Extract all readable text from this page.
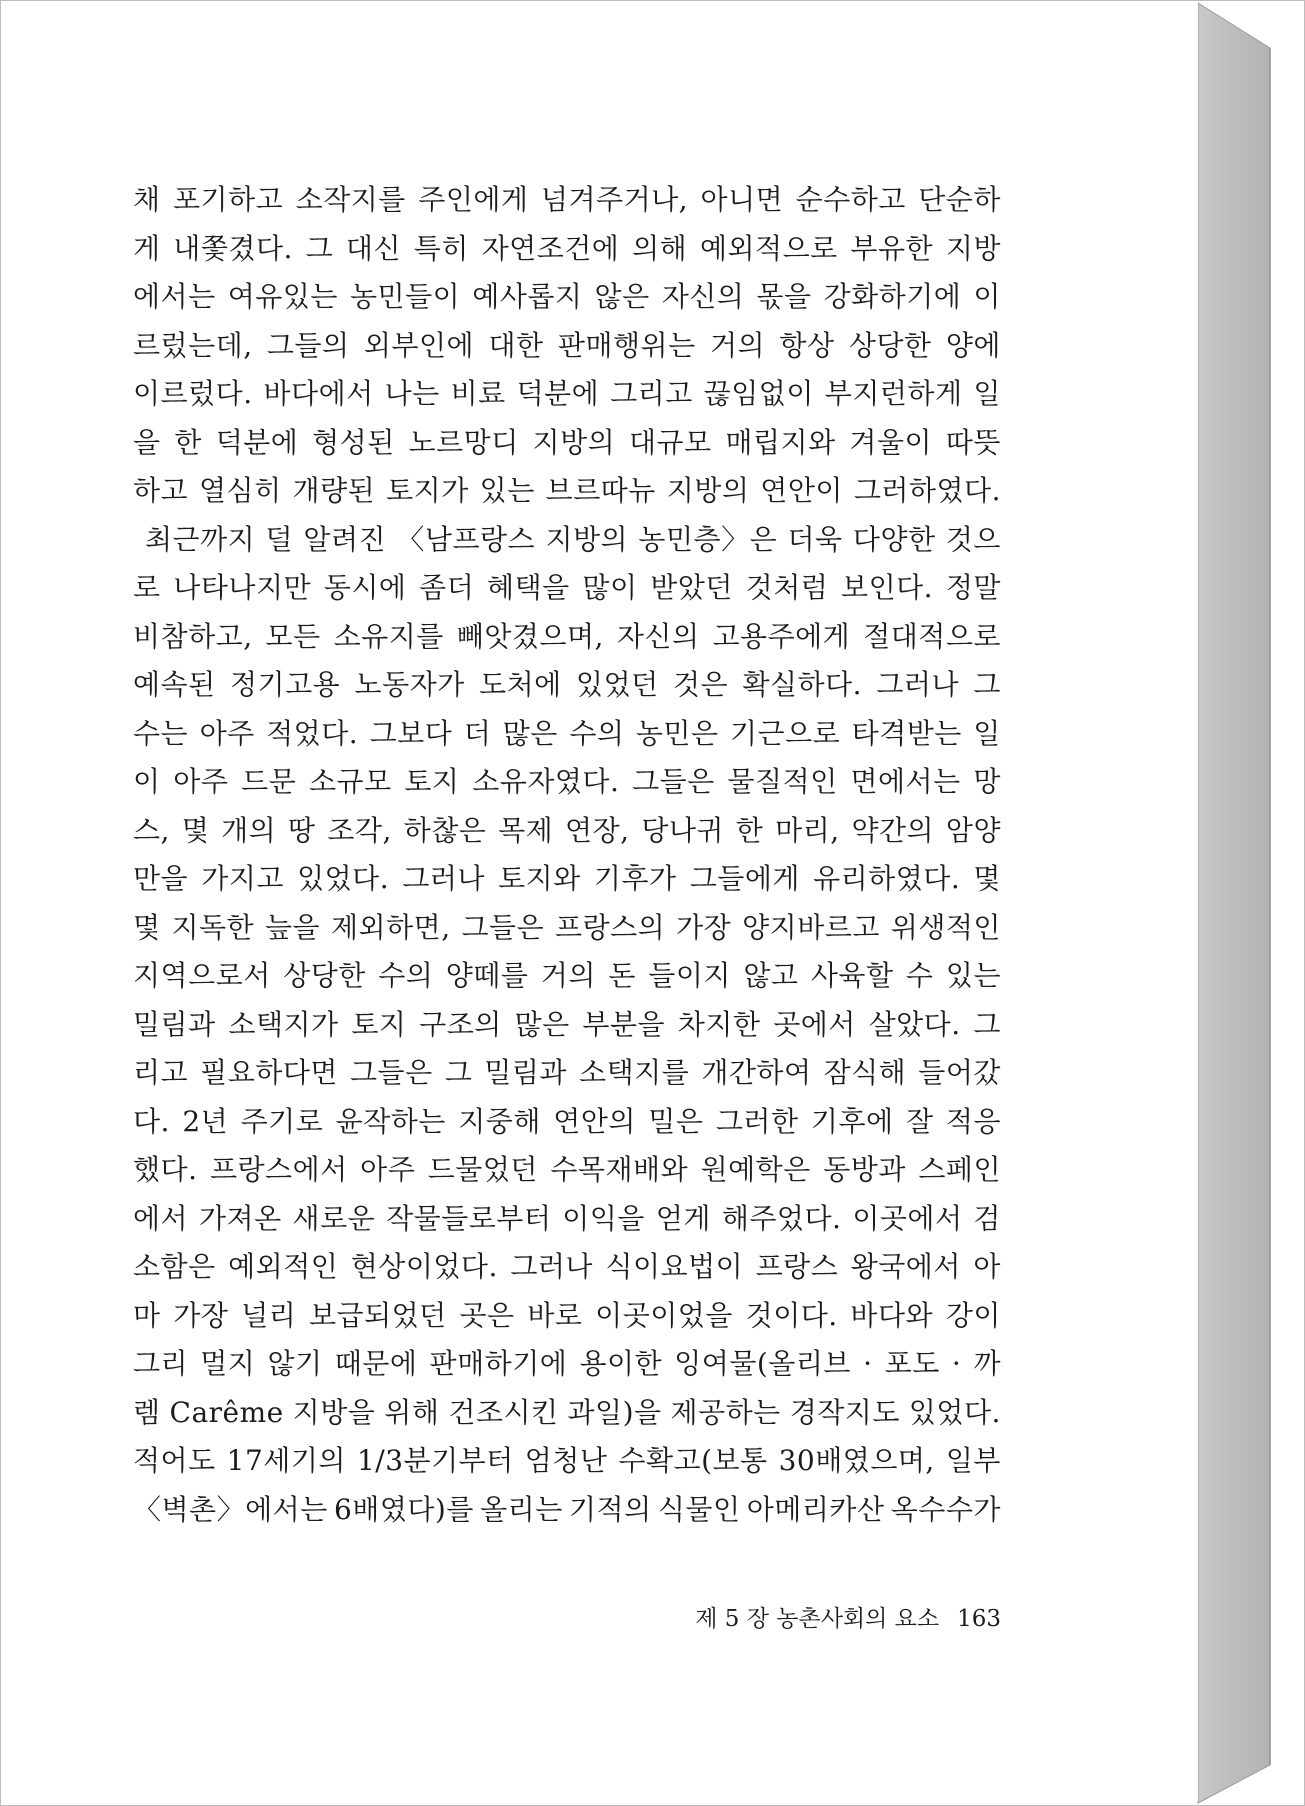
채 포기하고 소작지를 주인에게 넘겨주거나, 아니면 순수하고 단순하
게 내쫓겼다. 그 대신 특히 자연조건에 의해 예외적으로 부유한 지방
에서는 여유있는 농민들이 예사롭지 않은 자신의 몫을 강화하기에 이
르렀는데, 그들의 외부인에 대한 판매행위는 거의 항상 상당한 양에
이르렀다. 바다에서 나는 비료 덕분에 그리고 끊임없이 부지런하게 일
을 한 덕분에 형성된 노르망디 지방의 대규모 매립지와 겨울이 따뜻
하고 열심히 개량된 토지가 있는 브르따뉴 지방의 연안이 그러하였다.
최근까지 덜 알려진 〈남프랑스 지방의 농민층〉은 더욱 다양한 것으
로 나타나지만 동시에 좀더 혜택을 많이 받았던 것처럼 보인다. 정말
비참하고, 모든 소유지를 빼앗겼으며, 자신의 고용주에게 절대적으로
예속된 정기고용 노동자가 도처에 있었던 것은 확실하다. 그러나 그
수는 아주 적었다. 그보다 더 많은 수의 농민은 기근으로 타격받는 일
이 아주 드문 소규모 토지 소유자였다. 그들은 물질적인 면에서는 망
스, 몇 개의 땅 조각, 하찮은 목제 연장, 당나귀 한 마리, 약간의 암양
만을 가지고 있었다. 그러나 토지와 기후가 그들에게 유리하였다. 몇
몇 지독한 늪을 제외하면, 그들은 프랑스의 가장 양지바르고 위생적인
지역으로서 상당한 수의 양떼를 거의 돈 들이지 않고 사육할 수 있는
밀림과 소택지가 토지 구조의 많은 부분을 차지한 곳에서 살았다. 그
리고 필요하다면 그들은 그 밀림과 소택지를 개간하여 잠식해 들어갔
다. 2년 주기로 윤작하는 지중해 연안의 밀은 그러한 기후에 잘 적응
했다. 프랑스에서 아주 드물었던 수목재배와 원예학은 동방과 스페인
에서 가져온 새로운 작물들로부터 이익을 얻게 해주었다. 이곳에서 검
소함은 예외적인 현상이었다. 그러나 식이요법이 프랑스 왕국에서 아
마 가장 널리 보급되었던 곳은 바로 이곳이었을 것이다. 바다와 강이
그리 멀지 않기 때문에 판매하기에 용이한 잉여물(올리브 · 포도 · 까
렘 Carême 지방을 위해 건조시킨 과일)을 제공하는 경작지도 있었다.
적어도 17세기의 1/3분기부터 엄청난 수확고(보통 30배였으며, 일부
〈벽촌〉에서는 6배였다)를 올리는 기적의 식물인 아메리카산 옥수수가
제 5 장 농촌사회의 요소 163
